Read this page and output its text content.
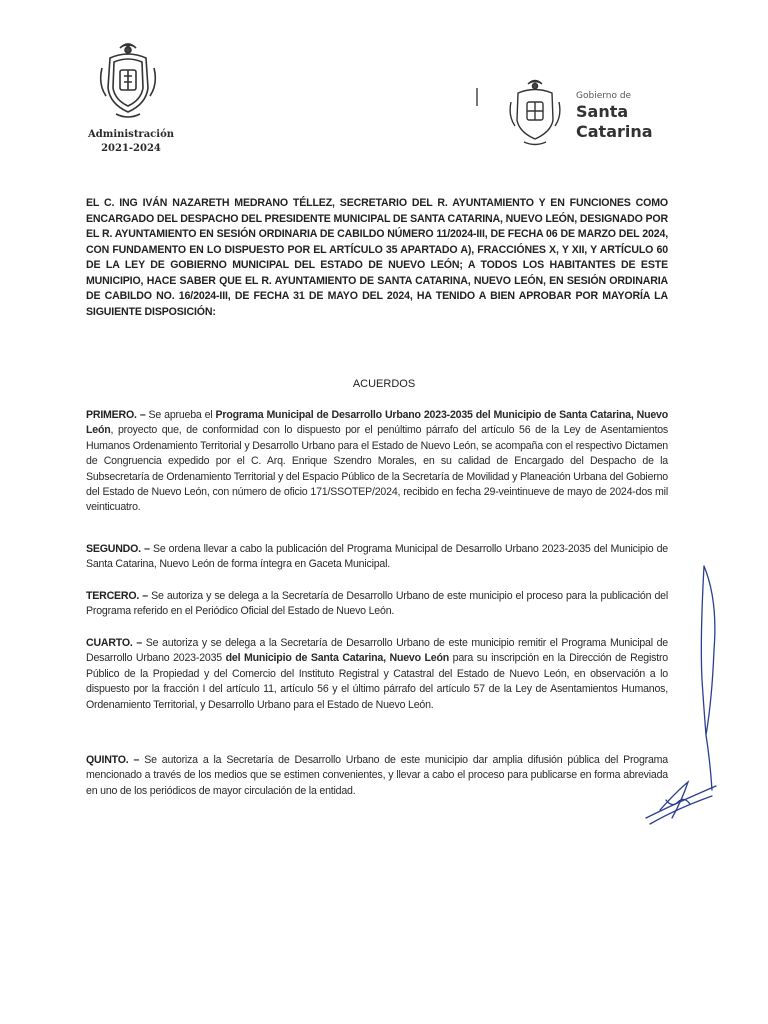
Administración
2021-2024
Gobierno de
Santa
Catarina
EL C. ING IVÁN NAZARETH MEDRANO TÉLLEZ, SECRETARIO DEL R. AYUNTAMIENTO Y EN FUNCIONES COMO ENCARGADO DEL DESPACHO DEL PRESIDENTE MUNICIPAL DE SANTA CATARINA, NUEVO LEÓN, DESIGNADO POR EL R. AYUNTAMIENTO EN SESIÓN ORDINARIA DE CABILDO NÚMERO 11/2024-III, DE FECHA 06 DE MARZO DEL 2024, CON FUNDAMENTO EN LO DISPUESTO POR EL ARTÍCULO 35 APARTADO A), FRACCIÓNES X, Y XII, Y ARTÍCULO 60 DE LA LEY DE GOBIERNO MUNICIPAL DEL ESTADO DE NUEVO LEÓN; A TODOS LOS HABITANTES DE ESTE MUNICIPIO, HACE SABER QUE EL R. AYUNTAMIENTO DE SANTA CATARINA, NUEVO LEÓN, EN SESIÓN ORDINARIA DE CABILDO NO. 16/2024-III, DE FECHA 31 DE MAYO DEL 2024, HA TENIDO A BIEN APROBAR POR MAYORÍA LA SIGUIENTE DISPOSICIÓN:
ACUERDOS
PRIMERO. – Se aprueba el Programa Municipal de Desarrollo Urbano 2023-2035 del Municipio de Santa Catarina, Nuevo León, proyecto que, de conformidad con lo dispuesto por el penúltimo párrafo del artículo 56 de la Ley de Asentamientos Humanos Ordenamiento Territorial y Desarrollo Urbano para el Estado de Nuevo León, se acompaña con el respectivo Dictamen de Congruencia expedido por el C. Arq. Enrique Szendro Morales, en su calidad de Encargado del Despacho de la Subsecretaría de Ordenamiento Territorial y del Espacio Público de la Secretaría de Movilidad y Planeación Urbana del Gobierno del Estado de Nuevo León, con número de oficio 171/SSOTEP/2024, recibido en fecha 29-veintinueve de mayo de 2024-dos mil veinticuatro.
SEGUNDO. – Se ordena llevar a cabo la publicación del Programa Municipal de Desarrollo Urbano 2023-2035 del Municipio de Santa Catarina, Nuevo León de forma íntegra en Gaceta Municipal.
TERCERO. – Se autoriza y se delega a la Secretaría de Desarrollo Urbano de este municipio el proceso para la publicación del Programa referido en el Periódico Oficial del Estado de Nuevo León.
CUARTO. – Se autoriza y se delega a la Secretaría de Desarrollo Urbano de este municipio remitir el Programa Municipal de Desarrollo Urbano 2023-2035 del Municipio de Santa Catarina, Nuevo León para su inscripción en la Dirección de Registro Público de la Propiedad y del Comercio del Instituto Registral y Catastral del Estado de Nuevo León, en observación a lo dispuesto por la fracción I del artículo 11, artículo 56 y el último párrafo del artículo 57 de la Ley de Asentamientos Humanos, Ordenamiento Territorial, y Desarrollo Urbano para el Estado de Nuevo León.
QUINTO. – Se autoriza a la Secretaría de Desarrollo Urbano de este municipio dar amplia difusión pública del Programa mencionado a través de los medios que se estimen convenientes, y llevar a cabo el proceso para publicarse en forma abreviada en uno de los periódicos de mayor circulación de la entidad.
